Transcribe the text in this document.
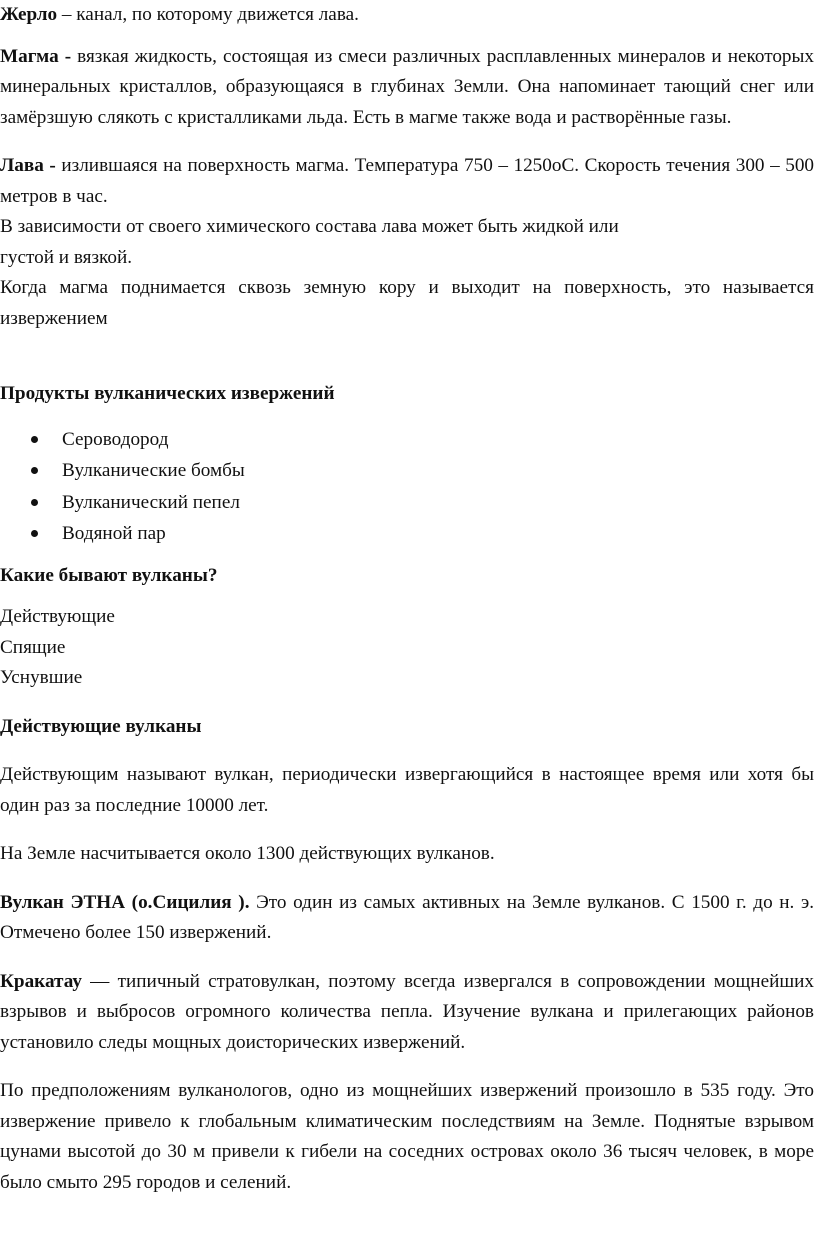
Жерло – канал, по которому движется лава.

Магма - вязкая жидкость, состоящая из смеси различных расплавленных минералов и некоторых минеральных кристаллов, образующаяся в глубинах Земли. Она напоминает тающий снег или замёрзшую слякоть с кристалликами льда. Есть в магме также вода и растворённые газы.

Лава - излившаяся на поверхность магма. Температура 750 – 1250оС. Скорость течения 300 – 500 метров в час.

В зависимости от своего химического состава лава может быть жидкой или

густой и вязкой.

Когда магма поднимается сквозь земную кору и выходит на поверхность, это называется извержением

Продукты вулканических извержений

Сероводород
Вулканические бомбы
Вулканический пепел
Водяной пар

Какие бывают вулканы?

Действующие

Спящие

Уснувшие

Действующие вулканы

Действующим называют вулкан, периодически извергающийся в настоящее время или хотя бы один раз за последние 10000 лет.

На Земле насчитывается около 1300 действующих вулканов.

Вулкан ЭТНА (о.Сицилия ). Это один из самых активных на Земле вулканов. С 1500 г. до н. э. Отмечено более 150 извержений.

Кракатау — типичный стратовулкан, поэтому всегда извергался в сопровождении мощнейших взрывов и выбросов огромного количества пепла. Изучение вулкана и прилегающих районов установило следы мощных доисторических извержений.

По предположениям вулканологов, одно из мощнейших извержений произошло в 535 году. Это извержение привело к глобальным климатическим последствиям на Земле. Поднятые взрывом цунами высотой до 30 м привели к гибели на соседних островах около 36 тысяч человек, в море было смыто 295 городов и селений.
